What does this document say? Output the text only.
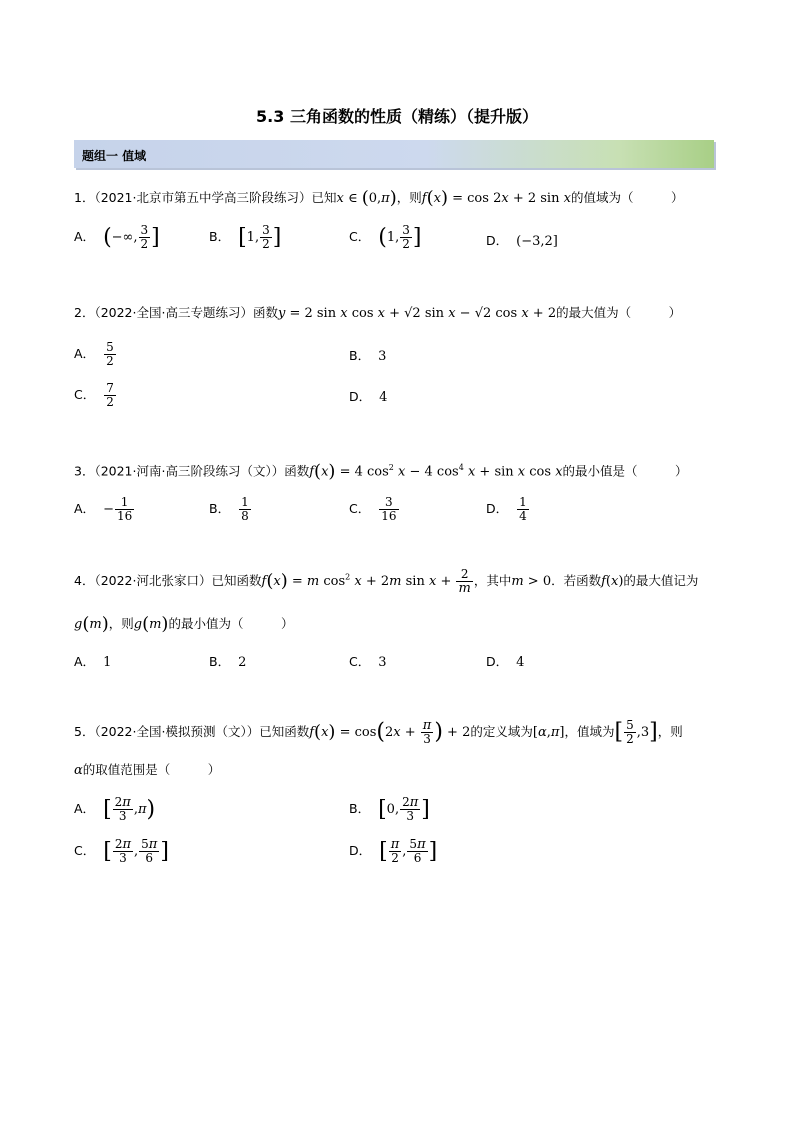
5.3 三角函数的性质（精练）（提升版）
题组一 值域
1．（2021·北京市第五中学高三阶段练习）已知x ∈ (0,π)，则f(x) = cos 2x + 2 sin x的值域为（　　　）
A． (−∞, $\frac{3}{2}$ ]	B． [1, $\frac{3}{2}$ ]	C． (1, $\frac{3}{2}$ ]	D． (−3,2]
2．（2022·全国·高三专题练习）函数y = 2 sin x cos x + √2 sin x − √2 cos x + 2的最大值为（　　　）
A． $\frac{5}{2}$	B． 3
C． $\frac{7}{2}$	D． 4
3．（2021·河南·高三阶段练习（文））函数f(x) = 4 $\cos^2 x - 4$ $\cos^4 x + \sin x$ cos x的最小值是（　　　）
A． − $\frac{1}{16}$	B． $\frac{1}{8}$	C． $\frac{3}{16}$	D． $\frac{1}{4}$
4．（2022·河北张家口）已知函数f(x) = m $\cos^2 x + 2m$ $\sin x + \frac{2}{m}$ ，其中m > 0．若函数f(x)的最大值记为
g(m)，则g(m)的最小值为（　　　）
A． 1	B． 2	C． 3	D． 4
5．（2022·全国·模拟预测（文））已知函数$f(x) = \cos(2x + \frac{\pi}{3}$ ) + 2的定义域为[α,π]，值域为[ $\frac{5}{2} ,3$]，则
α的取值范围是（　　　）
A． [ $\frac{2\pi}{3} ,\pi$)	B． [0, $\frac{2\pi}{3}$ ]
C． [ $\frac{2\pi}{3}$ , $\frac{5\pi}{6}$ ]	D． [ $\frac{\pi}{2}$ , $\frac{5\pi}{6}$ ]
